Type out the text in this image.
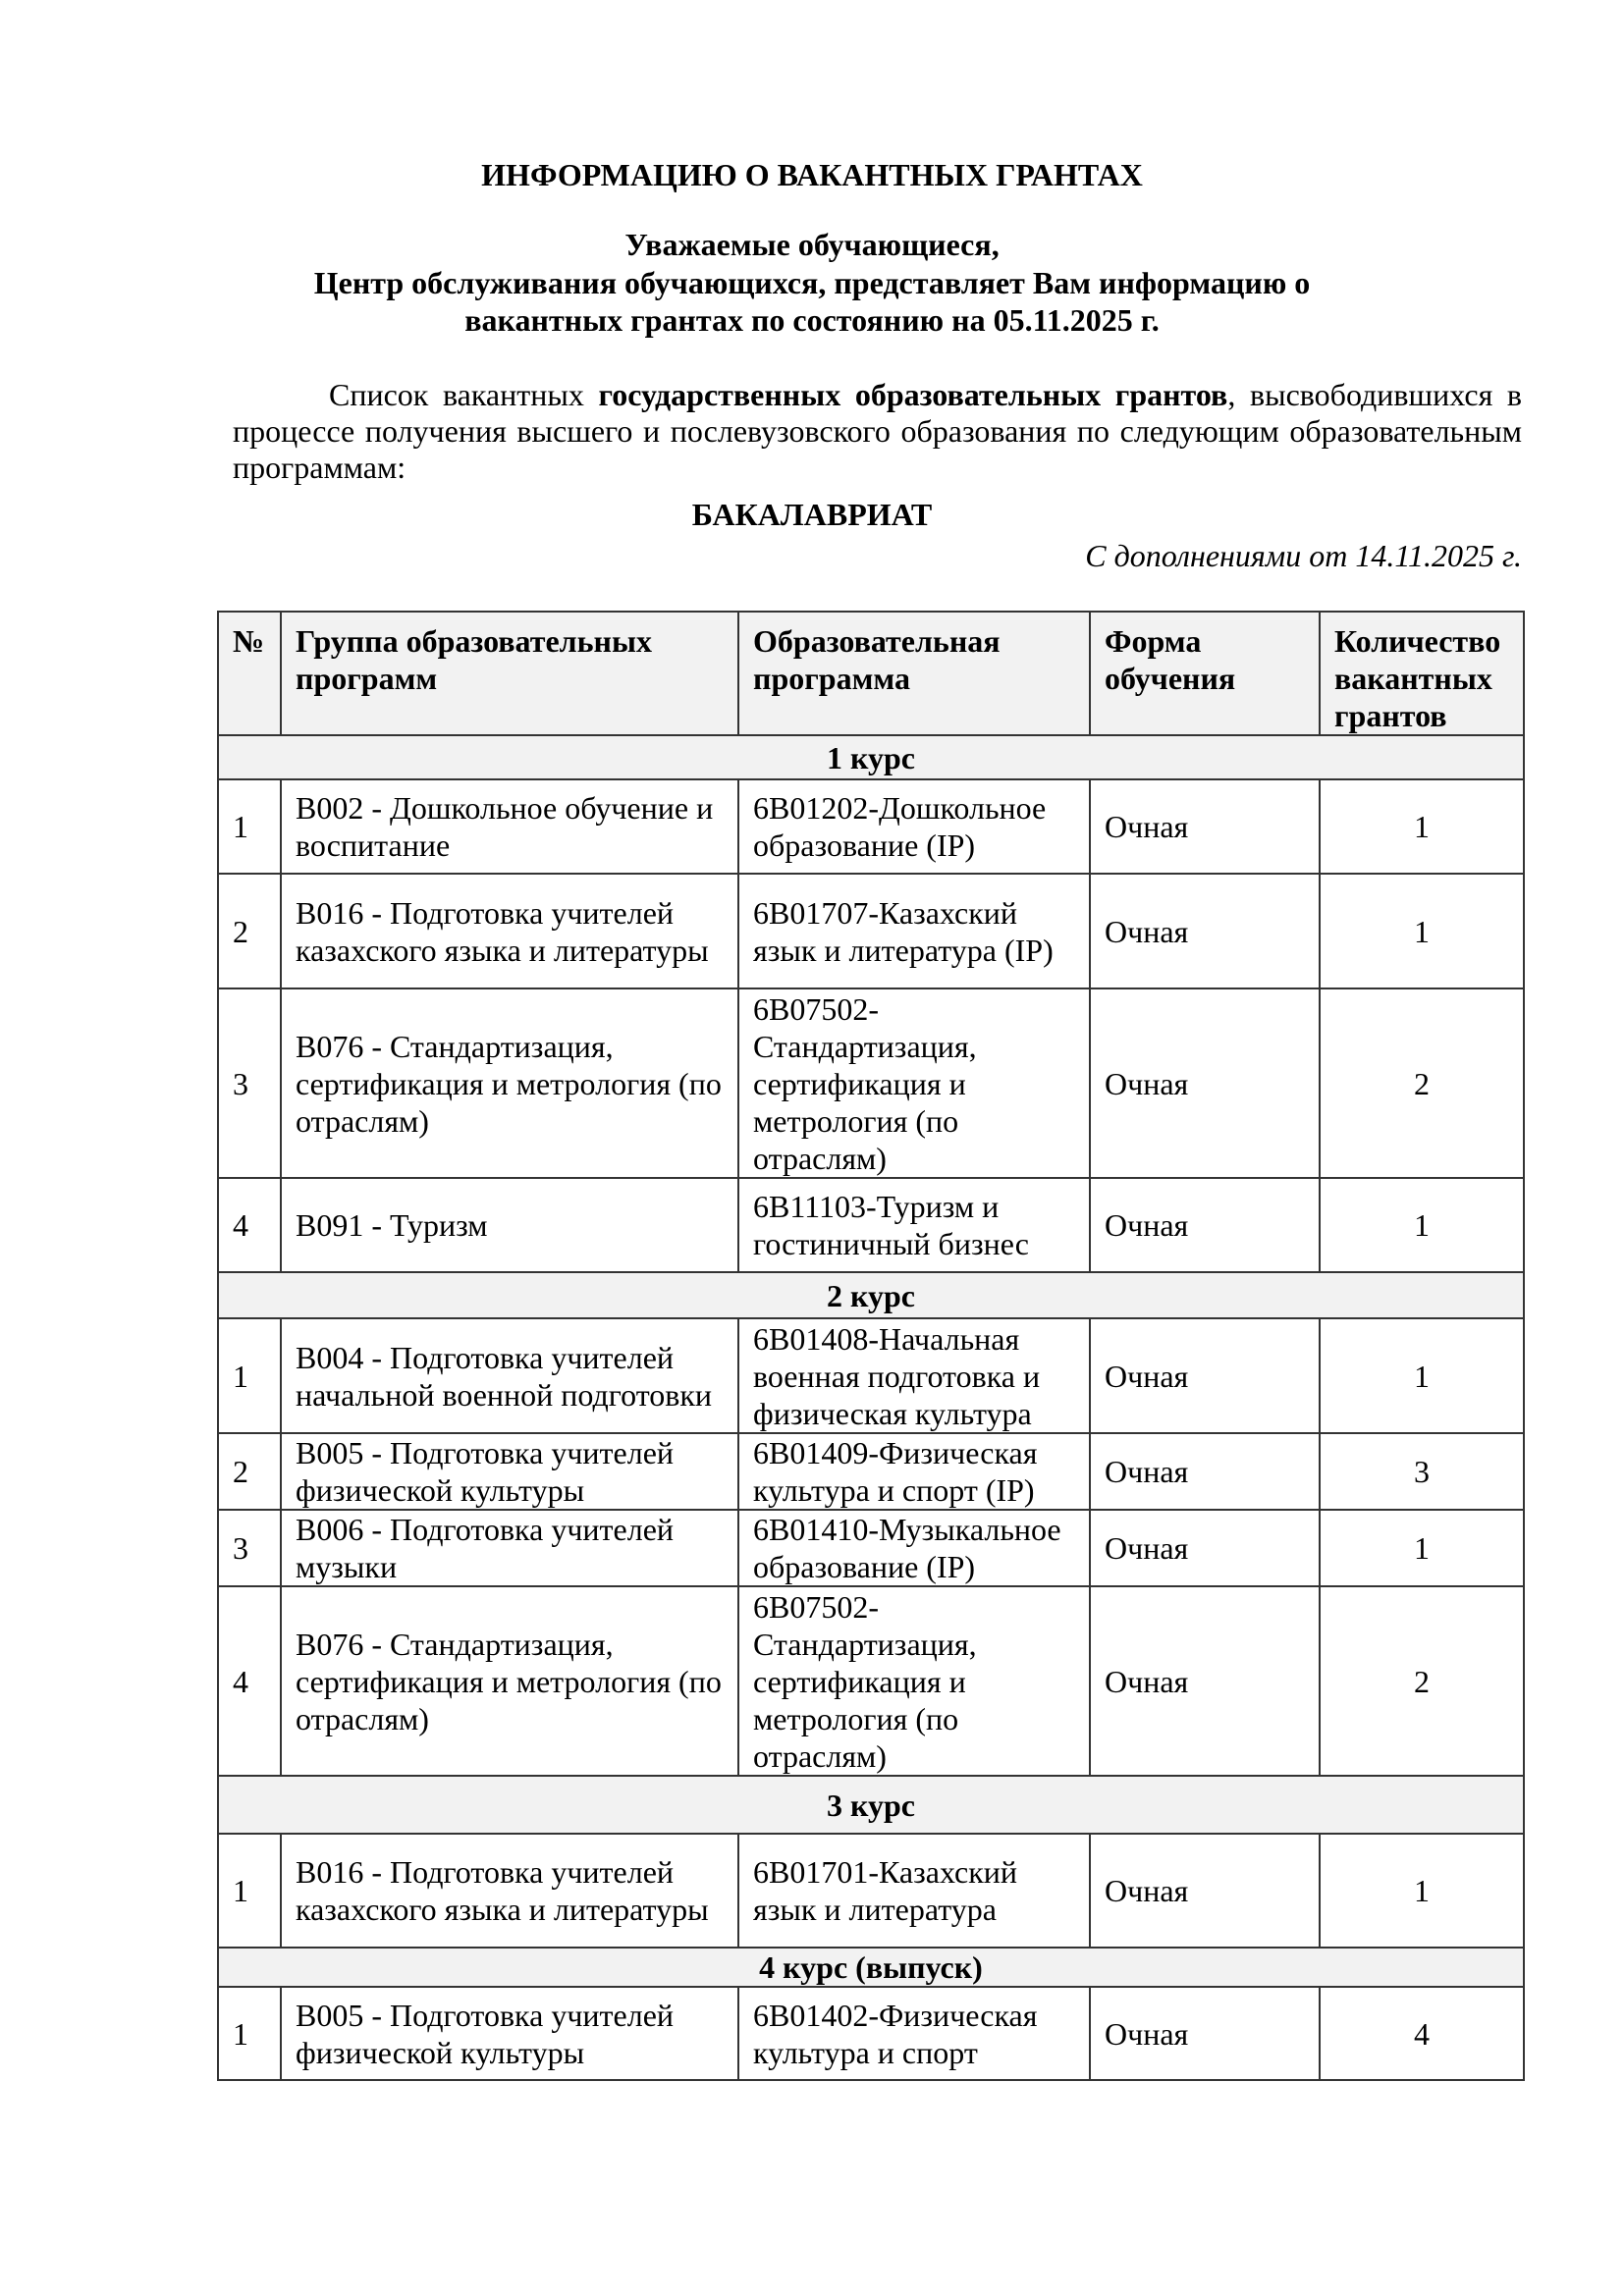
ИНФОРМАЦИЮ О ВАКАНТНЫХ ГРАНТАХ
Уважаемые обучающиеся,
Центр обслуживания обучающихся, представляет Вам информацию о
вакантных грантах по состоянию на 05.11.2025 г.
Список вакантных государственных образовательных грантов, высвободившихся в процессе получения высшего и послевузовского образования по следующим образовательным программам:
БАКАЛАВРИАТ
С дополнениями от 14.11.2025 г.
№	Группа образовательных программ	Образовательная программа	Форма обучения	Количество вакантных грантов
1 курс				
1	B002 - Дошкольное обучение и воспитание	6B01202-Дошкольное образование (IP)	Очная	1
2	B016 - Подготовка учителей казахского языка и литературы	6B01707-Казахский язык и литература (IP)	Очная	1
3	B076 - Стандартизация, сертификация и метрология (по отраслям)	6B07502-Стандартизация, сертификация и метрология (по отраслям)	Очная	2
4	B091 - Туризм	6B11103-Туризм и гостиничный бизнес	Очная	1
2 курс				
1	B004 - Подготовка учителей начальной военной подготовки	6B01408-Начальная военная подготовка и физическая культура	Очная	1
2	B005 - Подготовка учителей физической культуры	6B01409-Физическая культура и спорт (IP)	Очная	3
3	B006 - Подготовка учителей музыки	6B01410-Музыкальное образование (IP)	Очная	1
4	B076 - Стандартизация, сертификация и метрология (по отраслям)	6B07502-Стандартизация, сертификация и метрология (по отраслям)	Очная	2
3 курс				
1	B016 - Подготовка учителей казахского языка и литературы	6B01701-Казахский язык и литература	Очная	1
4 курс (выпуск)				
1	B005 - Подготовка учителей физической культуры	6B01402-Физическая культура и спорт	Очная	4
